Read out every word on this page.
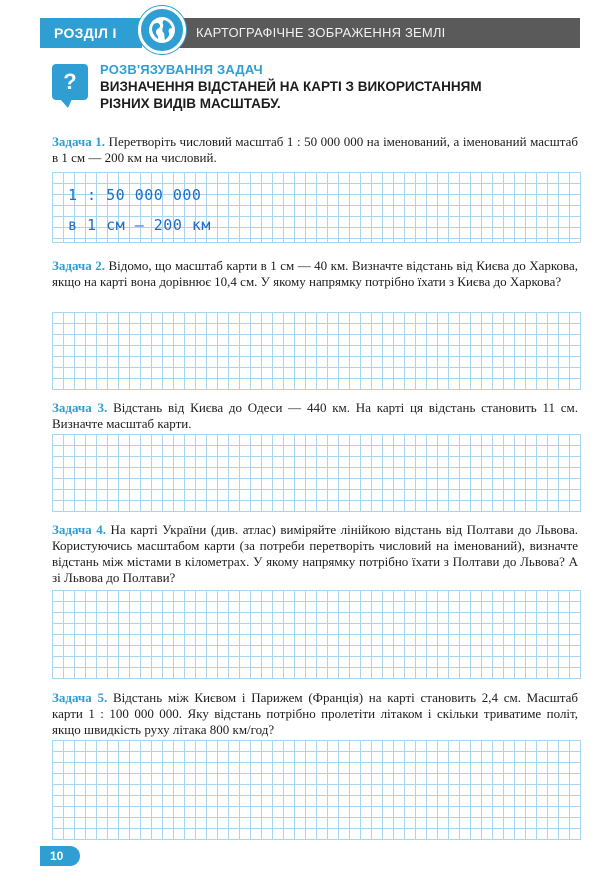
РОЗДІЛ І	КАРТОГРАФІЧНЕ ЗОБРАЖЕННЯ ЗЕМЛІ
?	РОЗВ'ЯЗУВАННЯ ЗАДАЧ
ВИЗНАЧЕННЯ ВІДСТАНЕЙ НА КАРТІ З ВИКОРИСТАННЯМ РІЗНИХ ВИДІВ МАСШТАБУ.
Задача 1. Перетворіть числовий масштаб 1 : 50 000 000 на іменований, а іменований масштаб в 1 см — 200 км на числовий.
1 : 50 000 000
в 1 см — 200 км
Задача 2. Відомо, що масштаб карти в 1 см — 40 км. Визначте відстань від Києва до Харкова, якщо на карті вона дорівнює 10,4 см. У якому напрямку потрібно їхати з Києва до Харкова?
Задача 3. Відстань від Києва до Одеси — 440 км. На карті ця відстань становить 11 см. Визначте масштаб карти.
Задача 4. На карті України (див. атлас) виміряйте лінійкою відстань від Полтави до Львова. Користуючись масштабом карти (за потреби перетворіть числовий на іменований), визначте відстань між містами в кілометрах. У якому напрямку потрібно їхати з Полтави до Львова? А зі Львова до Полтави?
Задача 5. Відстань між Києвом і Парижем (Франція) на карті становить 2,4 см. Масштаб карти 1 : 100 000 000. Яку відстань потрібно пролетіти літаком і скільки триватиме політ, якщо швидкість руху літака 800 км/год?
10
